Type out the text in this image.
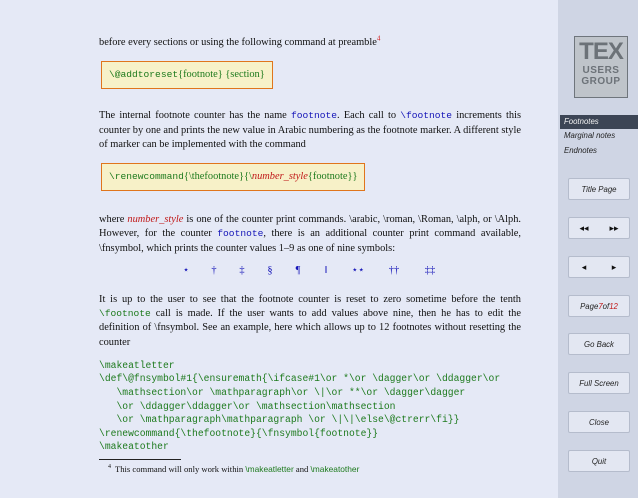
before every sections or using the following command at preamble$^4$

\@addtoreset{footnote} {section}

The internal footnote counter has the name footnote. Each call to \footnote increments this counter by one and prints the new value in Arabic numbering as the footnote marker. A different style of marker can be implemented with the command

\renewcommand{\thefootnote}{\number_style{footnote}}

where number_style is one of the counter print commands. \arabic, \roman, \Roman, \alph, or \Alph. However, for the counter footnote, there is an additional counter print command available, \fnsymbol, which prints the counter values 1–9 as one of nine symbols:

⋆	†	‡	§	¶	‖	⋆⋆	††	‡‡

It is up to the user to see that the footnote counter is reset to zero sometime before the tenth \footnote call is made. If the user wants to add values above nine, then he has to edit the definition of \fnsymbol. See an example, here which allows up to 12 footnotes without resetting the counter

\makeatletter
\def\@fnsymbol#1{\ensuremath{\ifcase#1\or *\or \dagger\or \ddagger\or
\mathsection\or \mathparagraph\or \|\or **\or \dagger\dagger
\or \ddagger\ddagger\or \mathsection\mathsection
\or \mathparagraph\mathparagraph \or \|\|\else\@ctrerr\fi}}
\renewcommand{\thefootnote}{\fnsymbol{footnote}}
\makeatother

$^4$ This command will only work within \makeatletter and \makeatother

TEX
USERS
GROUP
Footnotes
Marginal notes
Endnotes
Title Page
◂◂ ▸▸
◂	▸
Page 7 of 12
Go Back
Full Screen
Close
Quit
